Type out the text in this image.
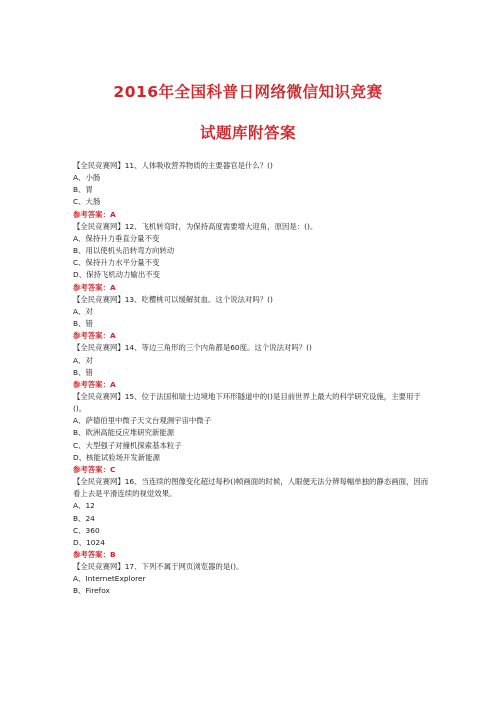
2016年全国科普日网络微信知识竞赛
试题库附答案
【全民竞赛网】11、人体吸收营养物质的主要器官是什么？()
A、小肠
B、胃
C、大肠
参考答案：A
【全民竞赛网】12、飞机转弯时，为保持高度需要增大迎角，原因是：()。
A、保持升力垂直分量不变
B、用以使机头沿转弯方向转动
C、保持升力水平分量不变
D、保持飞机动力输出不变
参考答案：A
【全民竞赛网】13、吃樱桃可以缓解贫血。这个说法对吗？()
A、对
B、错
参考答案：A
【全民竞赛网】14、等边三角形的三个内角都是60度。这个说法对吗？()
A、对
B、错
参考答案：A
【全民竞赛网】15、位于法国和瑞士边境地下环形隧道中的()是目前世界上最大的科学研究设施，主要用于()。
A、萨德伯里中微子天文台观测宇宙中微子
B、欧洲高能反应堆研究新能源
C、大型强子对撞机探索基本粒子
D、核能试验场开发新能源
参考答案：C
【全民竞赛网】16、当连续的图像变化超过每秒()帧画面的时候，人眼便无法分辨每幅单独的静态画面，因而看上去是平滑连续的视觉效果。
A、12
B、24
C、360
D、1024
参考答案：B
【全民竞赛网】17、下列不属于网页浏览器的是()。
A、InternetExplorer
B、Firefox
